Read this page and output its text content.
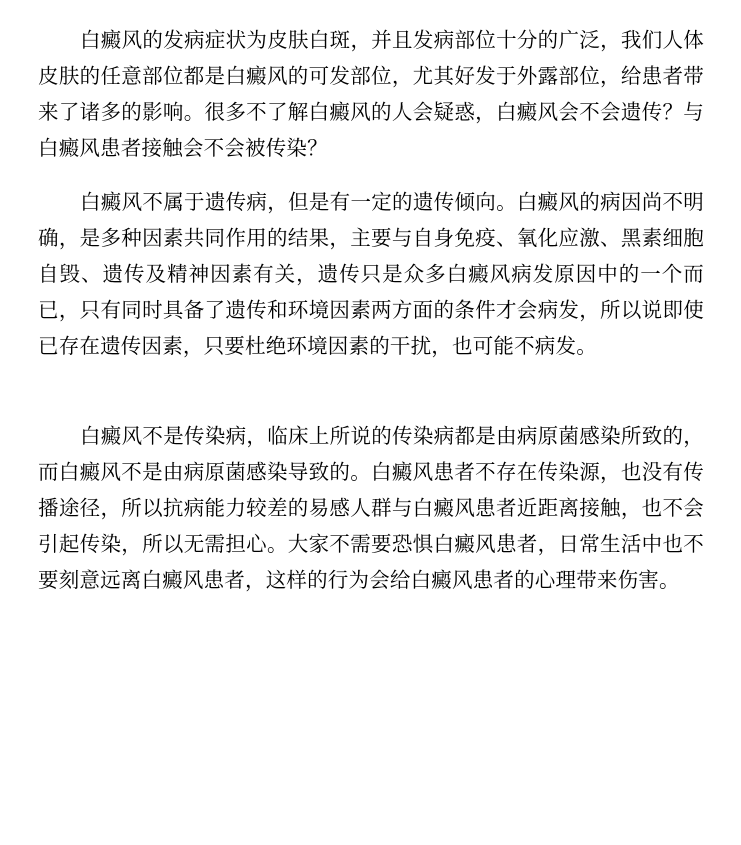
白癜风的发病症状为皮肤白斑，并且发病部位十分的广泛，我们人体皮肤的任意部位都是白癜风的可发部位，尤其好发于外露部位，给患者带来了诸多的影响。很多不了解白癜风的人会疑惑，白癜风会不会遗传？与白癜风患者接触会不会被传染？

白癜风不属于遗传病，但是有一定的遗传倾向。白癜风的病因尚不明确，是多种因素共同作用的结果，主要与自身免疫、氧化应激、黑素细胞自毁、遗传及精神因素有关，遗传只是众多白癜风病发原因中的一个而已，只有同时具备了遗传和环境因素两方面的条件才会病发，所以说即使已存在遗传因素，只要杜绝环境因素的干扰，也可能不病发。

白癜风不是传染病，临床上所说的传染病都是由病原菌感染所致的，而白癜风不是由病原菌感染导致的。白癜风患者不存在传染源，也没有传播途径，所以抗病能力较差的易感人群与白癜风患者近距离接触，也不会引起传染，所以无需担心。大家不需要恐惧白癜风患者，日常生活中也不要刻意远离白癜风患者，这样的行为会给白癜风患者的心理带来伤害。
